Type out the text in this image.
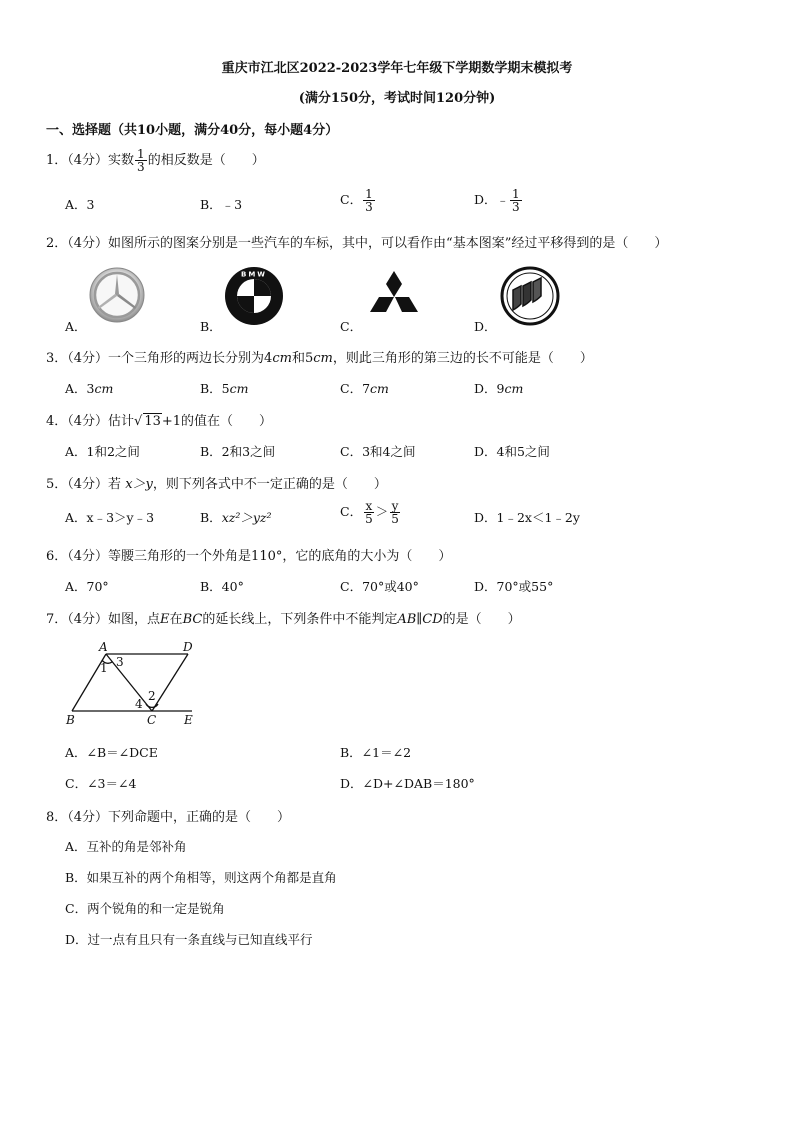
重庆市江北区2022-2023学年七年级下学期数学期末模拟考
(满分150分，考试时间120分钟)
一、选择题（共10小题，满分40分，每小题4分）
1．（4分）实数 $\frac{1}{3}$ 的相反数是（　　）
A．3	B．﹣3	C． $\frac{1}{3}$	D．﹣ $\frac{1}{3}$
2．（4分）如图所示的图案分别是一些汽车的车标，其中，可以看作由“基本图案”经过平移得到的是（　　）
BMW
A．	B．	C．	D．
3．（4分）一个三角形的两边长分别为4cm和5cm，则此三角形的第三边的长不可能是（　　）
A．3cm	B．5cm	C．7cm	D．9cm
4．（4分）估计√ 13+1的值在（　　）
A．1和2之间	B．2和3之间	C．3和4之间	D．4和5之间
5．（4分）若 x＞y，则下列各式中不一定正确的是（　　）
A．x﹣3＞y﹣3	B．xz²＞yz²	C． $\frac{x}{5} > \frac{y}{5}$	D．1﹣2x＜1﹣2y
6．（4分）等腰三角形的一个外角是110°，它的底角的大小为（　　）
A．70°	B．40°	C．70°或40°	D．70°或55°
7．（4分）如图，点E在BC的延长线上，下列条件中不能判定AB∥CD的是（　　）
A	D
B	C E
1 3
2
4
A．∠B＝∠DCE	B．∠1＝∠2
C．∠3＝∠4	D．∠D+∠DAB＝180°
8．（4分）下列命题中，正确的是（　　）
A．互补的角是邻补角
B．如果互补的两个角相等，则这两个角都是直角
C．两个锐角的和一定是锐角
D．过一点有且只有一条直线与已知直线平行
